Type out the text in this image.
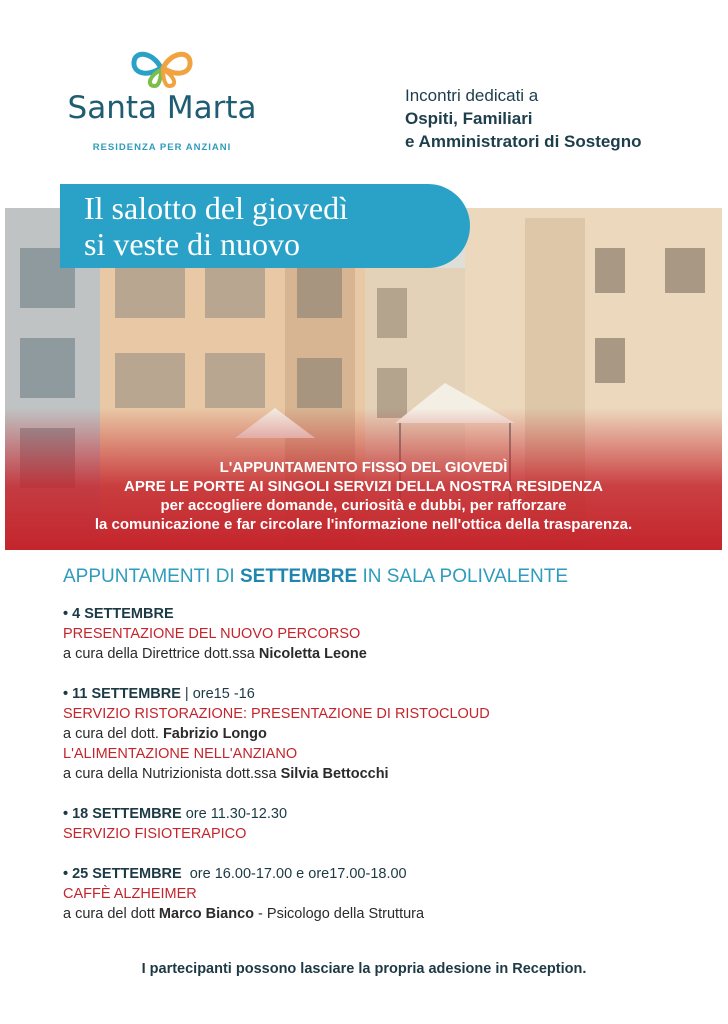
Santa Marta
RESIDENZA PER ANZIANI
Incontri dedicati a
Ospiti, Familiari
e Amministratori di Sostegno
Il salotto del giovedì
si veste di nuovo
L'APPUNTAMENTO FISSO DEL GIOVEDÌ
APRE LE PORTE AI SINGOLI SERVIZI DELLA NOSTRA RESIDENZA
per accogliere domande, curiosità e dubbi, per rafforzare
la comunicazione e far circolare l'informazione nell'ottica della trasparenza.
APPUNTAMENTI DI SETTEMBRE IN SALA POLIVALENTE
• 4 SETTEMBRE
PRESENTAZIONE DEL NUOVO PERCORSO
a cura della Direttrice dott.ssa Nicoletta Leone
• 11 SETTEMBRE | ore15 -16
SERVIZIO RISTORAZIONE: PRESENTAZIONE DI RISTOCLOUD
a cura del dott. Fabrizio Longo
L'ALIMENTAZIONE NELL'ANZIANO
a cura della Nutrizionista dott.ssa Silvia Bettocchi
• 18 SETTEMBRE ore 11.30-12.30
SERVIZIO FISIOTERAPICO
• 25 SETTEMBRE  ore 16.00-17.00 e ore17.00-18.00
CAFFÈ ALZHEIMER
a cura del dott Marco Bianco - Psicologo della Struttura
I partecipanti possono lasciare la propria adesione in Reception.
